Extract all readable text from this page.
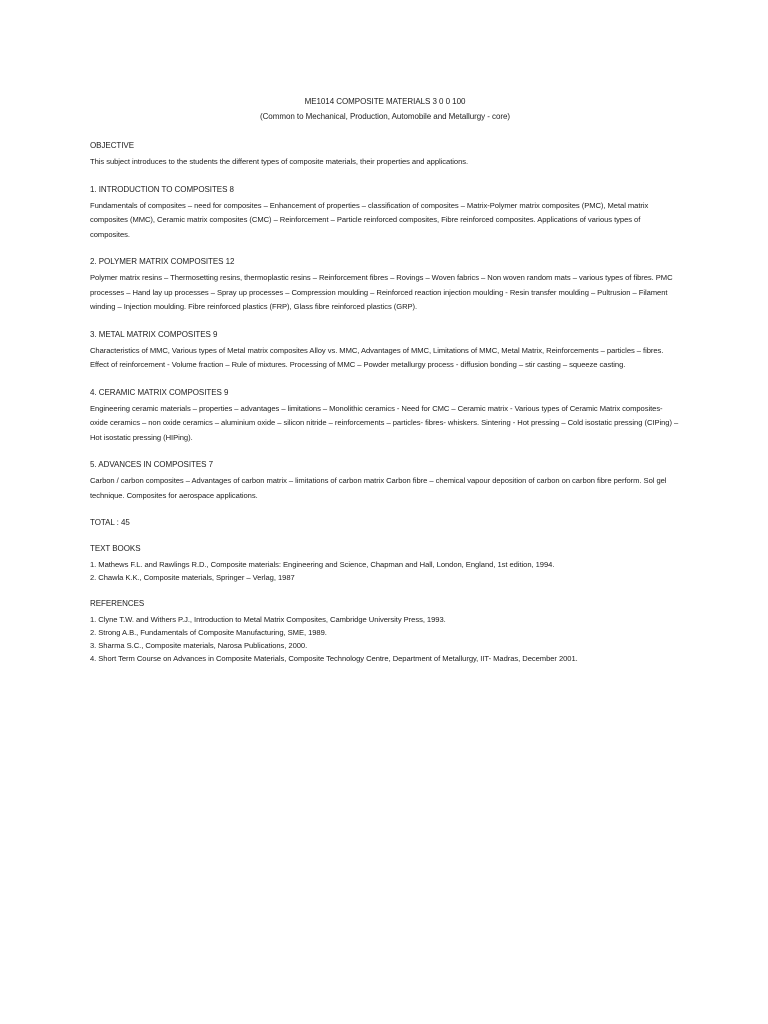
ME1014 COMPOSITE MATERIALS 3 0 0 100

(Common to Mechanical, Production, Automobile and Metallurgy - core)

OBJECTIVE

This subject introduces to the students the different types of composite materials, their properties and applications.

1. INTRODUCTION TO COMPOSITES 8

Fundamentals of composites – need for composites – Enhancement of properties – classification of composites – Matrix-Polymer matrix composites (PMC), Metal matrix composites (MMC), Ceramic matrix composites (CMC) – Reinforcement – Particle reinforced composites, Fibre reinforced composites. Applications of various types of composites.

2. POLYMER MATRIX COMPOSITES 12

Polymer matrix resins – Thermosetting resins, thermoplastic resins – Reinforcement fibres – Rovings – Woven fabrics – Non woven random mats – various types of fibres. PMC processes – Hand lay up processes – Spray up processes – Compression moulding – Reinforced reaction injection moulding - Resin transfer moulding – Pultrusion – Filament winding – Injection moulding. Fibre reinforced plastics (FRP), Glass fibre reinforced plastics (GRP).

3. METAL MATRIX COMPOSITES 9

Characteristics of MMC, Various types of Metal matrix composites Alloy vs. MMC, Advantages of MMC, Limitations of MMC, Metal Matrix, Reinforcements – particles – fibres. Effect of reinforcement - Volume fraction – Rule of mixtures. Processing of MMC – Powder metallurgy process - diffusion bonding – stir casting – squeeze casting.

4. CERAMIC MATRIX COMPOSITES 9

Engineering ceramic materials – properties – advantages – limitations – Monolithic ceramics - Need for CMC – Ceramic matrix - Various types of Ceramic Matrix composites- oxide ceramics – non oxide ceramics – aluminium oxide – silicon nitride – reinforcements – particles- fibres- whiskers. Sintering - Hot pressing – Cold isostatic pressing (CIPing) – Hot isostatic pressing (HIPing).

5. ADVANCES IN COMPOSITES 7

Carbon / carbon composites – Advantages of carbon matrix – limitations of carbon matrix Carbon fibre – chemical vapour deposition of carbon on carbon fibre perform. Sol gel technique. Composites for aerospace applications.

TOTAL : 45

TEXT BOOKS

1. Mathews F.L. and Rawlings R.D., Composite materials: Engineering and Science, Chapman and Hall, London, England, 1st edition, 1994.
2. Chawla K.K., Composite materials, Springer – Verlag, 1987

REFERENCES

1. Clyne T.W. and Withers P.J., Introduction to Metal Matrix Composites, Cambridge University Press, 1993.
2. Strong A.B., Fundamentals of Composite Manufacturing, SME, 1989.
3. Sharma S.C., Composite materials, Narosa Publications, 2000.
4. Short Term Course on Advances in Composite Materials, Composite Technology Centre, Department of Metallurgy, IIT- Madras, December 2001.
